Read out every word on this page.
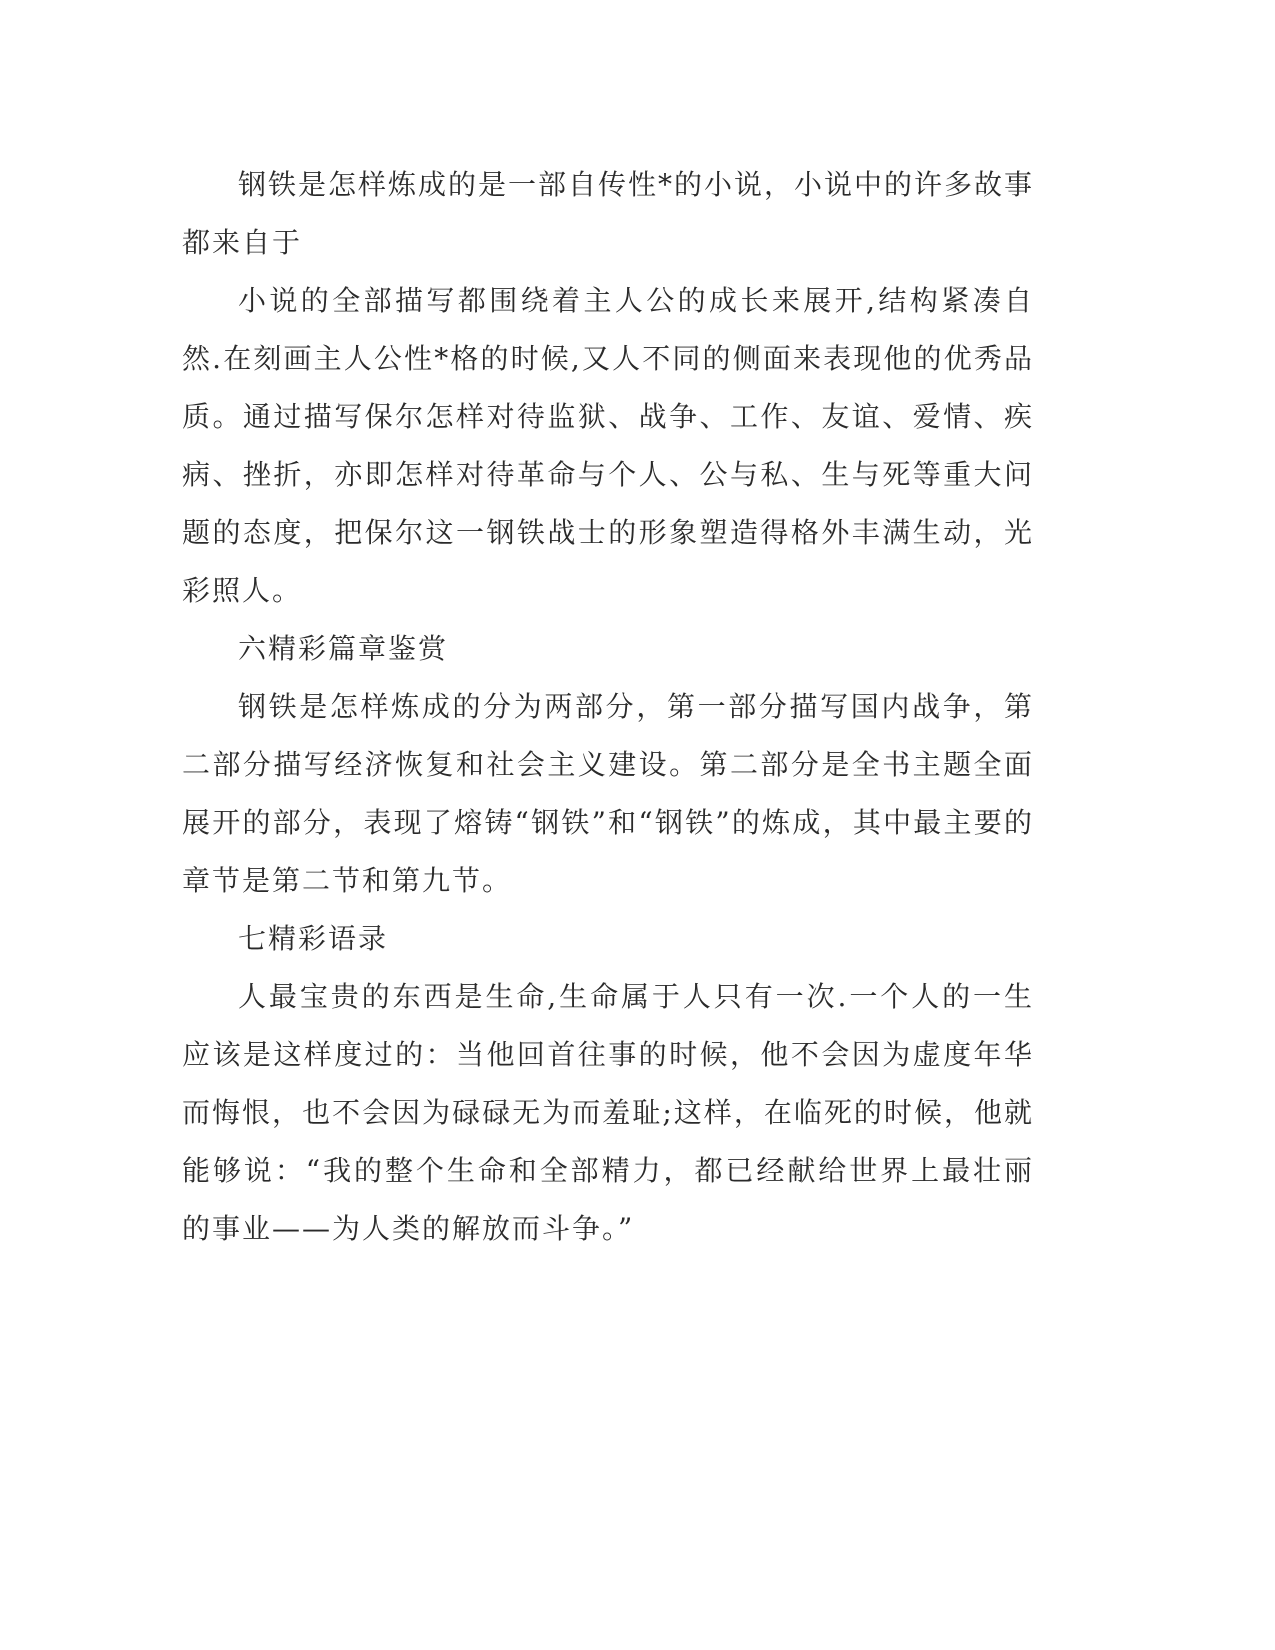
钢铁是怎样炼成的是一部自传性*的小说，小说中的许多故事都来自于

小说的全部描写都围绕着主人公的成长来展开,结构紧凑自然.在刻画主人公性*格的时候,又人不同的侧面来表现他的优秀品质。通过描写保尔怎样对待监狱、战争、工作、友谊、爱情、疾病、挫折，亦即怎样对待革命与个人、公与私、生与死等重大问题的态度，把保尔这一钢铁战士的形象塑造得格外丰满生动，光彩照人。

六精彩篇章鉴赏

钢铁是怎样炼成的分为两部分，第一部分描写国内战争，第二部分描写经济恢复和社会主义建设。第二部分是全书主题全面展开的部分，表现了熔铸“钢铁”和“钢铁”的炼成，其中最主要的章节是第二节和第九节。

七精彩语录

人最宝贵的东西是生命,生命属于人只有一次.一个人的一生应该是这样度过的：当他回首往事的时候，他不会因为虚度年华而悔恨，也不会因为碌碌无为而羞耻;这样，在临死的时候，他就能够说：“我的整个生命和全部精力，都已经献给世界上最壮丽的事业——为人类的解放而斗争。”
